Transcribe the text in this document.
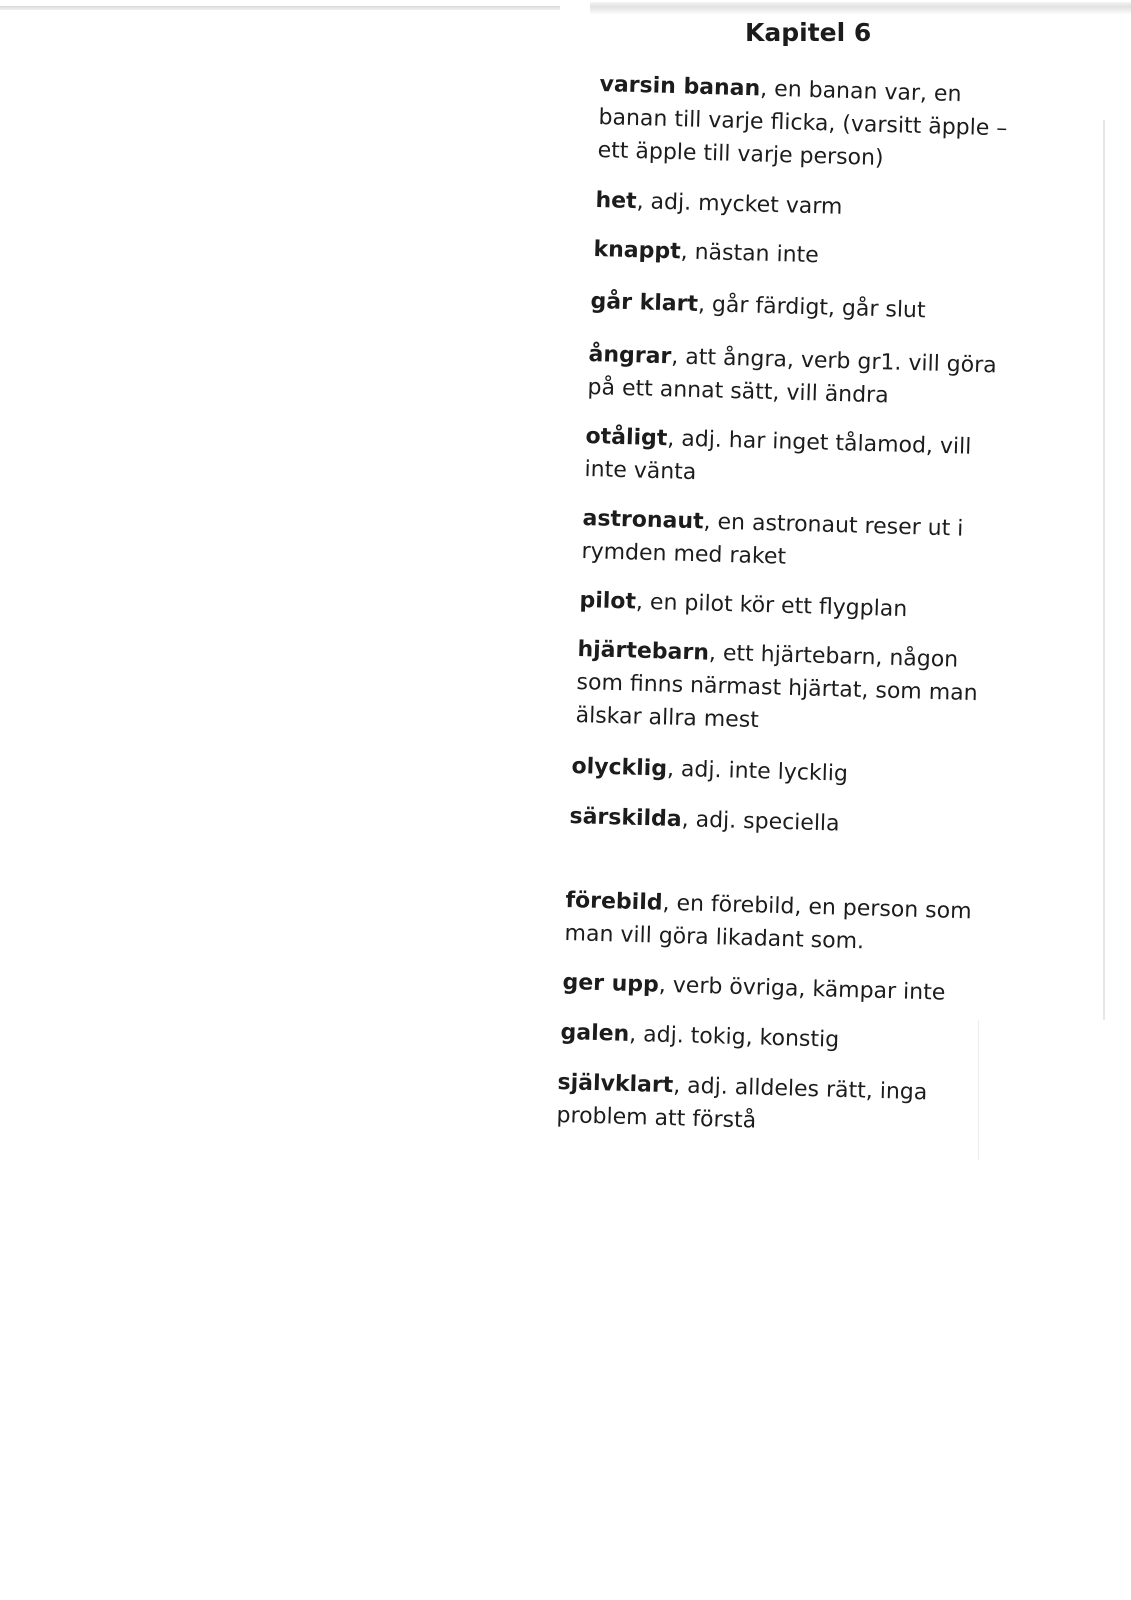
Kapitel 6
varsin banan, en banan var, en
banan till varje flicka, (varsitt äpple –
ett äpple till varje person)
het, adj. mycket varm
knappt, nästan inte
går klart, går färdigt, går slut
ångrar, att ångra, verb gr1. vill göra
på ett annat sätt, vill ändra
otåligt, adj. har inget tålamod, vill
inte vänta
astronaut, en astronaut reser ut i
rymden med raket
pilot, en pilot kör ett flygplan
hjärtebarn, ett hjärtebarn, någon
som finns närmast hjärtat, som man
älskar allra mest
olycklig, adj. inte lycklig
särskilda, adj. speciella
förebild, en förebild, en person som
man vill göra likadant som.
ger upp, verb övriga, kämpar inte
galen, adj. tokig, konstig
självklart, adj. alldeles rätt, inga
problem att förstå
